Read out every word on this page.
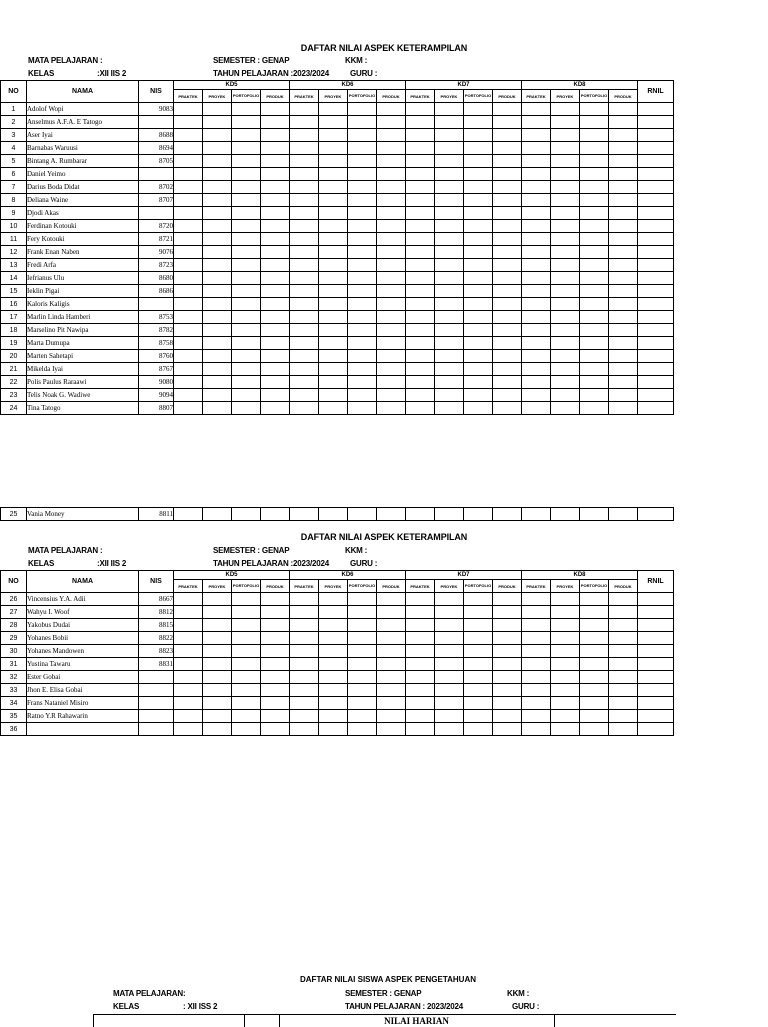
DAFTAR NILAI ASPEK KETERAMPILAN
MATA PELAJARAN :
KELAS	:XII IIS 2
SEMESTER : GENAP
TAHUN PELAJARAN :2023/2024
KKM :
GURU :
NO	NAMA	NIS	KD5				KD6				KD7				KD8				RNIL
			PRAKTEK	PROYEK	PORTOFOLIO	PRODUK	PRAKTEK	PROYEK	PORTOFOLIO	PRODUK	PRAKTEK	PROYEK	PORTOFOLIO	PRODUK	PRAKTEK	PROYEK	PORTOFOLIO	PRODUK	
1	Adolof Wopi	9083																	
2	Anselmus A.F.A. E Tatogo																		
3	Aser Iyai	8688																	
4	Barnabas Waruusi	8694																	
5	Bintang A. Rumbarar	8705																	
6	Daniel Yeimo																		
7	Darius Boda Didat	8702																	
8	Deliana Waine	8707																	
9	Djodi Akas																		
10	Ferdinan Kotouki	8720																	
11	Fery Kotouki	8721																	
12	Frank Enan Naben	9076																	
13	Fredi Arfa	8723																	
14	Iefrianus Ulu	8680																	
15	Ieklin Pigai	8686																	
16	Kaloris Kaligis																		
17	Marlin Linda Hamberi	8753																	
18	Marselino Pit Nawipa	8782																	
19	Marta Dumupa	8758																	
20	Marten Sahetapi	8760																	
21	Mikelda Iyai	8767																	
22	Polis Paulus Raraawi	9080																	
23	Telis Noak G. Wadiwe	9094																	
24	Tina Tatogo	8807																	
25	Vania Money	8811																	
DAFTAR NILAI ASPEK KETERAMPILAN
MATA PELAJARAN :
KELAS	:XII IIS 2
SEMESTER : GENAP
TAHUN PELAJARAN :2023/2024
KKM :
GURU :
NO	NAMA	NIS	KD5				KD6				KD7				KD8				RNIL
			PRAKTEK	PROYEK	PORTOFOLIO	PRODUK	PRAKTEK	PROYEK	PORTOFOLIO	PRODUK	PRAKTEK	PROYEK	PORTOFOLIO	PRODUK	PRAKTEK	PROYEK	PORTOFOLIO	PRODUK	
26	Vincensius Y.A. Adii	8667																	
27	Wahyu I. Woof	8812																	
28	Yakobus Dudai	8815																	
29	Yohanes Bobii	8822																	
30	Yohanes Mandowen	8823																	
31	Yustina Tawaru	8831																	
32	Ester Gobai																		
33	Jhon E. Elisa Gobai																		
34	Frans Nataniel Misiro																		
35	Ratno Y.R Rahawarin																		
36																			
DAFTAR NILAI SISWA ASPEK PENGETAHUAN
MATA PELAJARAN:
KELAS	: XII ISS 2
SEMESTER : GENAP
TAHUN PELAJARAN : 2023/2024
KKM :
GURU :
NILAI HARIAN
